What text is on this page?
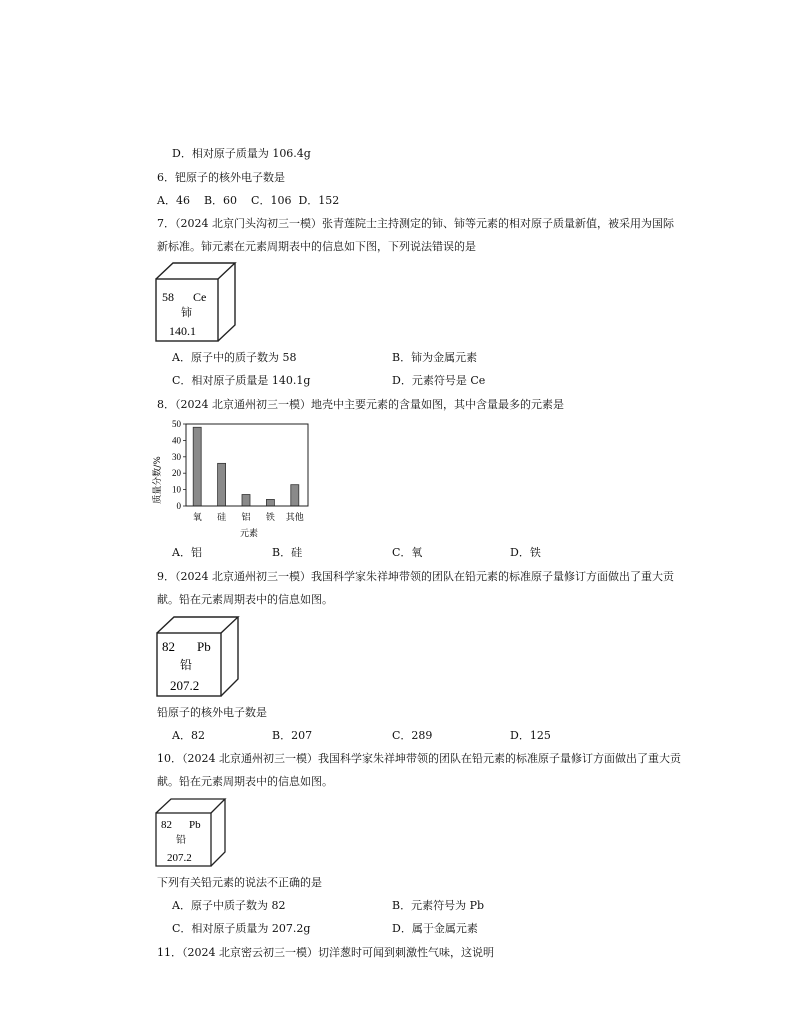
D．相对原子质量为 106.4g
6．钯原子的核外电子数是
A．46 B．60 C．106 D．152
7．（2024 北京门头沟初三一模）张青莲院士主持测定的铈、铈等元素的相对原子质量新值，被采用为国际
新标准。铈元素在元素周期表中的信息如下图，下列说法错误的是
58 Ce
铈
140.1
A．原子中的质子数为 58	B．铈为金属元素
C．相对原子质量是 140.1g	D．元素符号是 Ce
8．（2024 北京通州初三一模）地壳中主要元素的含量如图，其中含量最多的元素是
质量分数/%
0
10
20
30
40
50
氧 硅 铝 铁 其他
元素
A．铝	B．硅	C．氧	D．铁
9．（2024 北京通州初三一模）我国科学家朱祥坤带领的团队在铅元素的标准原子量修订方面做出了重大贡
献。铅在元素周期表中的信息如图。
82 Pb
铅
207.2
铅原子的核外电子数是
A．82	B．207	C．289	D．125
10．（2024 北京通州初三一模）我国科学家朱祥坤带领的团队在铅元素的标准原子量修订方面做出了重大贡
献。铅在元素周期表中的信息如图。
82 Pb
铅
207.2
下列有关铅元素的说法不正确的是
A．原子中质子数为 82	B．元素符号为 Pb
C．相对原子质量为 207.2g	D．属于金属元素
11．（2024 北京密云初三一模）切洋葱时可闻到刺激性气味，这说明
